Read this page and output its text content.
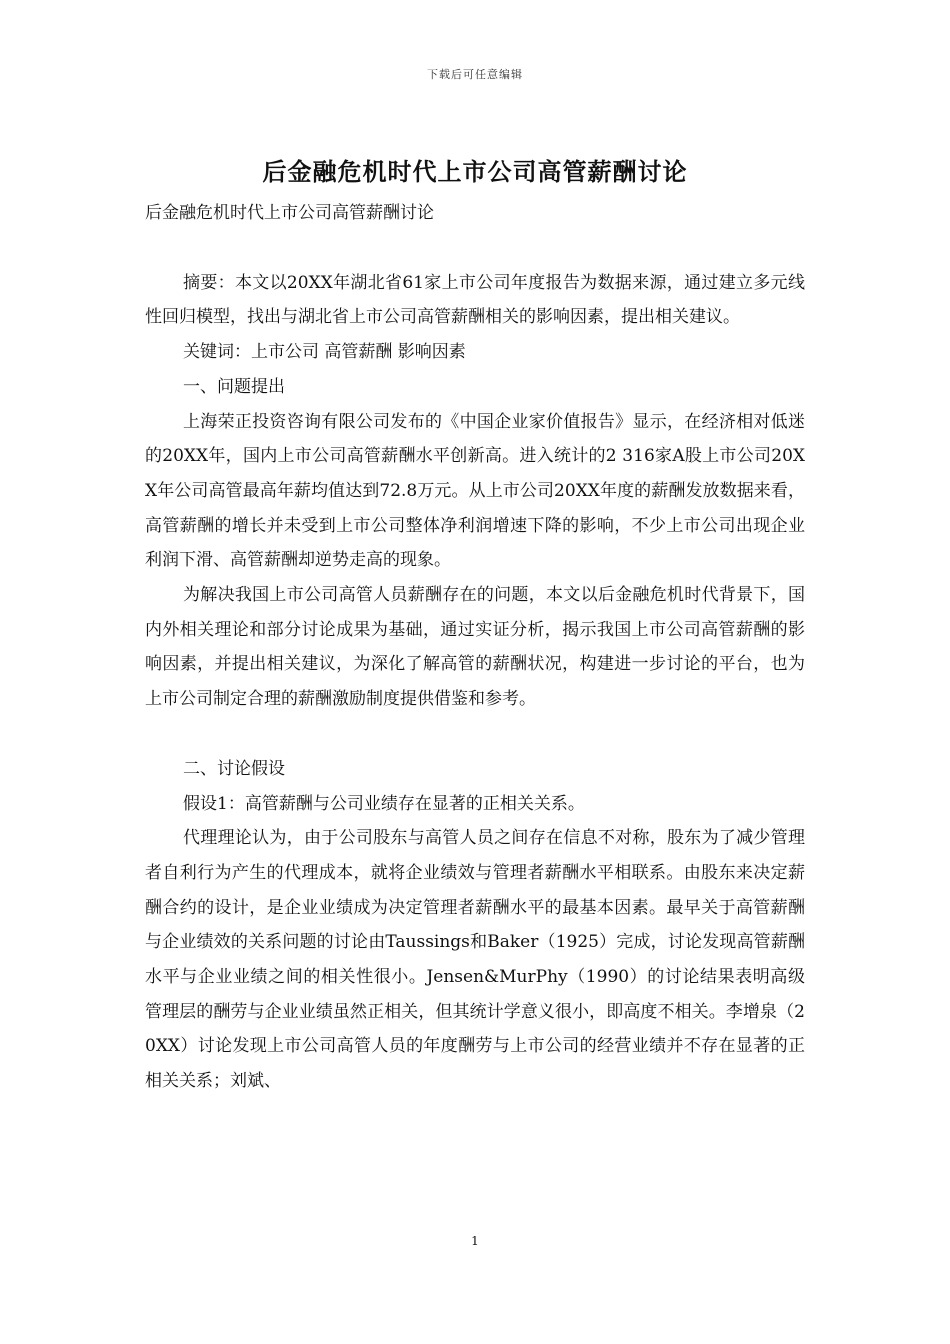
下载后可任意编辑
后金融危机时代上市公司高管薪酬讨论

后金融危机时代上市公司高管薪酬讨论

摘要：本文以20XX年湖北省61家上市公司年度报告为数据来源，通过建立多元线性回归模型，找出与湖北省上市公司高管薪酬相关的影响因素，提出相关建议。

关键词：上市公司 高管薪酬 影响因素

一、问题提出

上海荣正投资咨询有限公司发布的《中国企业家价值报告》显示，在经济相对低迷的20XX年，国内上市公司高管薪酬水平创新高。进入统计的2 316家A股上市公司20XX年公司高管最高年薪均值达到72.8万元。从上市公司20XX年度的薪酬发放数据来看，高管薪酬的增长并未受到上市公司整体净利润增速下降的影响，不少上市公司出现企业利润下滑、高管薪酬却逆势走高的现象。

为解决我国上市公司高管人员薪酬存在的问题，本文以后金融危机时代背景下，国内外相关理论和部分讨论成果为基础，通过实证分析，揭示我国上市公司高管薪酬的影响因素，并提出相关建议，为深化了解高管的薪酬状况，构建进一步讨论的平台，也为上市公司制定合理的薪酬激励制度提供借鉴和参考。

二、讨论假设

假设1：高管薪酬与公司业绩存在显著的正相关关系。

代理理论认为，由于公司股东与高管人员之间存在信息不对称，股东为了减少管理者自利行为产生的代理成本，就将企业绩效与管理者薪酬水平相联系。由股东来决定薪酬合约的设计，是企业业绩成为决定管理者薪酬水平的最基本因素。最早关于高管薪酬与企业绩效的关系问题的讨论由Taussings和Baker（1925）完成，讨论发现高管薪酬水平与企业业绩之间的相关性很小。Jensen&MurPhy（1990）的讨论结果表明高级管理层的酬劳与企业业绩虽然正相关，但其统计学意义很小，即高度不相关。李增泉（20XX）讨论发现上市公司高管人员的年度酬劳与上市公司的经营业绩并不存在显著的正相关关系；刘斌、

1
